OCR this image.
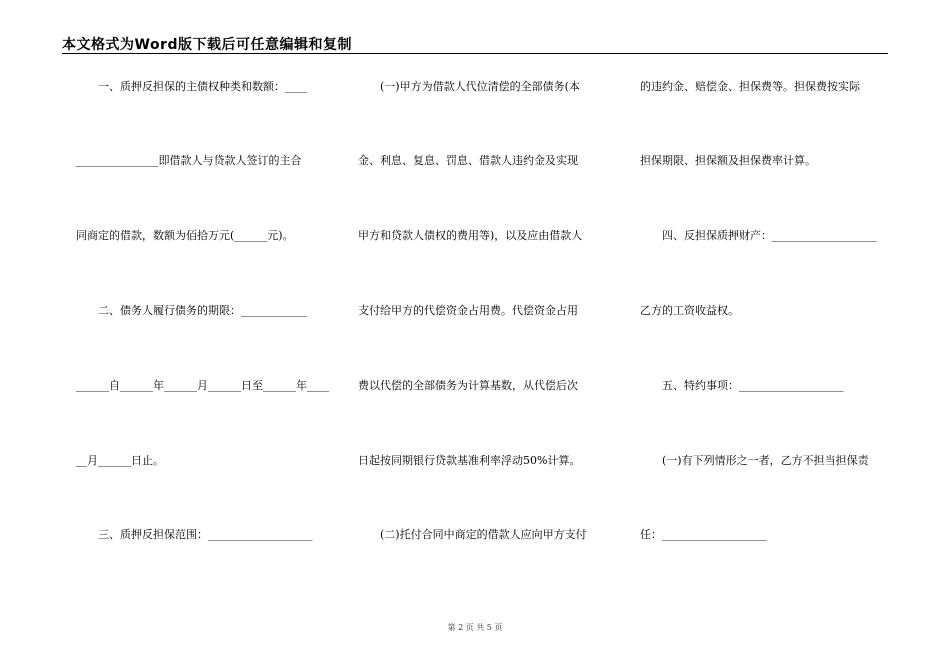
本文格式为Word版下载后可任意编辑和复制
　　一、质押反担保的主债权种类和数额：____
_______________即借款人与贷款人签订的主合
同商定的借款，数额为佰拾万元(______元)。
　　二、债务人履行债务的期限：____________
______自______年______月______日至______年____
__月______日止。
　　三、质押反担保范围：___________________
　　(一)甲方为借款人代位清偿的全部债务(本
金、利息、复息、罚息、借款人违约金及实现
甲方和贷款人债权的费用等)，以及应由借款人
支付给甲方的代偿资金占用费。代偿资金占用
费以代偿的全部债务为计算基数，从代偿后次
日起按同期银行贷款基准利率浮动50%计算。
　　(二)托付合同中商定的借款人应向甲方支付
的违约金、赔偿金、担保费等。担保费按实际
担保期限、担保额及担保费率计算。
　　四、反担保质押财产：___________________
乙方的工资收益权。
　　五、特约事项：___________________
　　(一)有下列情形之一者，乙方不担当担保责
任：___________________
第 2 页 共 5 页
